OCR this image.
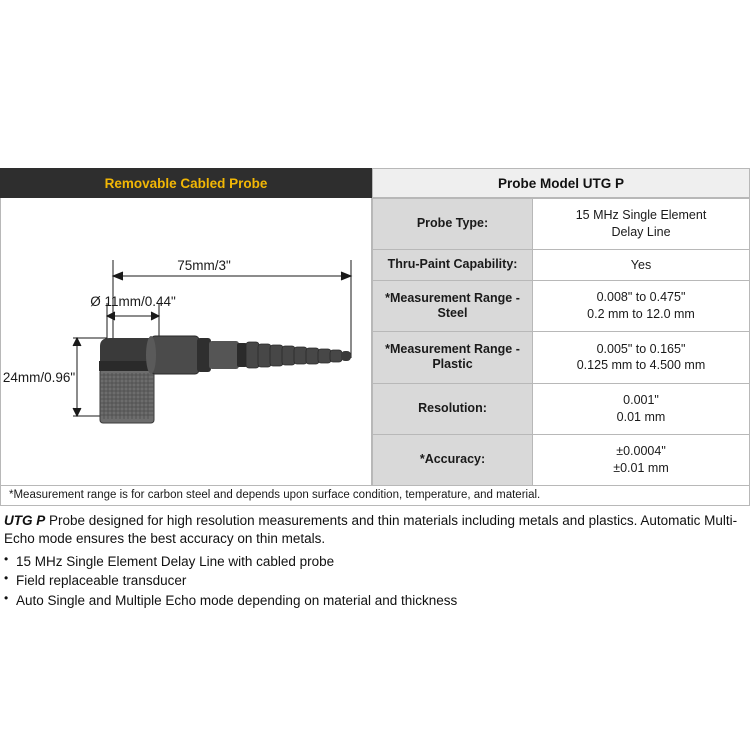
Removable Cabled Probe	Probe Model UTG P
75mm/3"
Ø 11mm/0.44"
24mm/0.96"
Probe Type:	15 MHz Single Element
Delay Line

Thru-Paint Capability:	Yes

*Measurement Range - Steel	0.008" to 0.475"
0.2 mm to 12.0 mm

*Measurement Range - Plastic	0.005" to 0.165"
0.125 mm to 4.500 mm

Resolution:	0.001"
0.01 mm

*Accuracy:	±0.0004"
±0.01 mm
*Measurement range is for carbon steel and depends upon surface condition, temperature, and material.
UTG P Probe designed for high resolution measurements and thin materials including metals and plastics. Automatic Multi-Echo mode ensures the best accuracy on thin metals.
• 15 MHz Single Element Delay Line with cabled probe
• Field replaceable transducer
• Auto Single and Multiple Echo mode depending on material and thickness
